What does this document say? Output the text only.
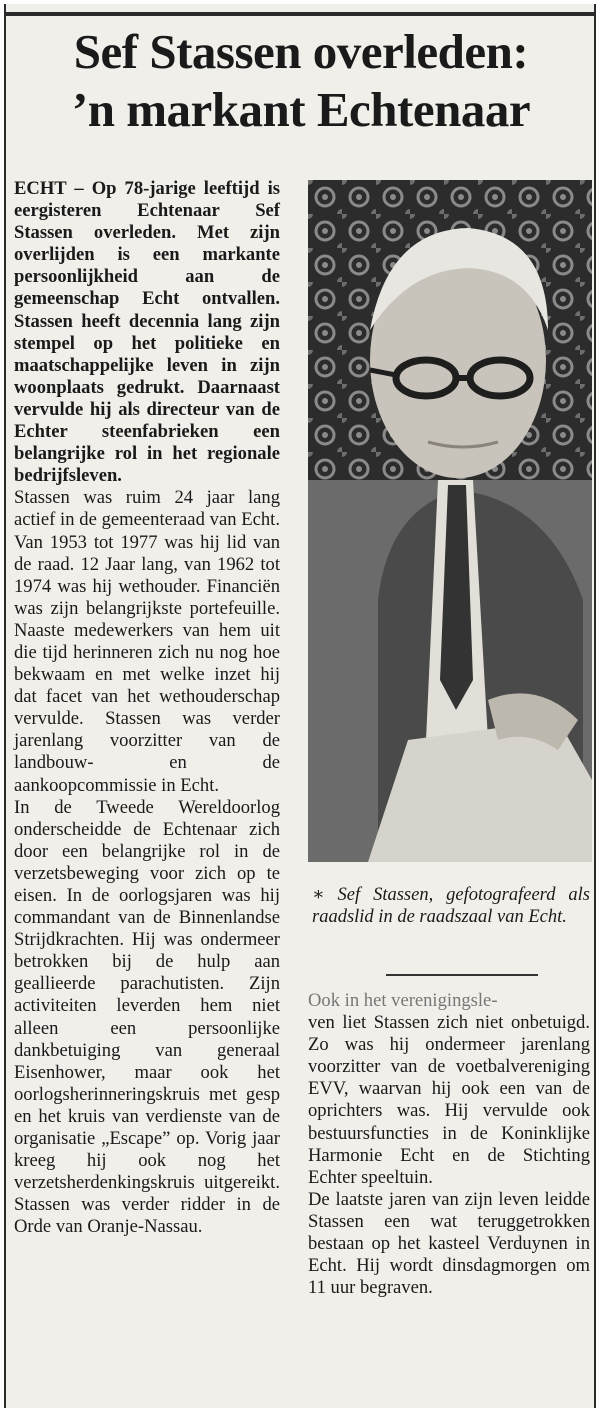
Sef Stassen overleden:
’n markant Echtenaar

ECHT – Op 78-jarige leeftijd is eergisteren Echtenaar Sef Stassen overleden. Met zijn overlijden is een markante persoonlijkheid aan de gemeenschap Echt ontvallen. Stassen heeft decennia lang zijn stempel op het politieke en maatschappelijke leven in zijn woonplaats gedrukt. Daarnaast vervulde hij als directeur van de Echter steenfabrieken een belangrijke rol in het regionale bedrijfsleven.

Stassen was ruim 24 jaar lang actief in de gemeenteraad van Echt. Van 1953 tot 1977 was hij lid van de raad. 12 Jaar lang, van 1962 tot 1974 was hij wethouder. Financiën was zijn belangrijkste portefeuille. Naaste medewerkers van hem uit die tijd herinneren zich nu nog hoe bekwaam en met welke inzet hij dat facet van het wethouderschap vervulde. Stassen was verder jarenlang voorzitter van de landbouw- en de aankoopcommissie in Echt.

In de Tweede Wereldoorlog onderscheidde de Echtenaar zich door een belangrijke rol in de verzetsbeweging voor zich op te eisen. In de oorlogsjaren was hij commandant van de Binnenlandse Strijdkrachten. Hij was ondermeer betrokken bij de hulp aan geallieerde parachutisten. Zijn activiteiten leverden hem niet alleen een persoonlijke dankbetuiging van generaal Eisenhower, maar ook het oorlogsherinneringskruis met gesp en het kruis van verdienste van de organisatie „Escape” op. Vorig jaar kreeg hij ook nog het verzetsherdenkingskruis uitgereikt. Stassen was verder ridder in de Orde van Oranje-Nassau.

∗ Sef Stassen, gefotografeerd als raadslid in de raadszaal van Echt.

Ook in het verenigingsle-

ven liet Stassen zich niet onbetuigd. Zo was hij ondermeer jarenlang voorzitter van de voetbalvereniging EVV, waarvan hij ook een van de oprichters was. Hij vervulde ook bestuursfuncties in de Koninklijke Harmonie Echt en de Stichting Echter speeltuin.

De laatste jaren van zijn leven leidde Stassen een wat teruggetrokken bestaan op het kasteel Verduynen in Echt. Hij wordt dinsdagmorgen om 11 uur begraven.
